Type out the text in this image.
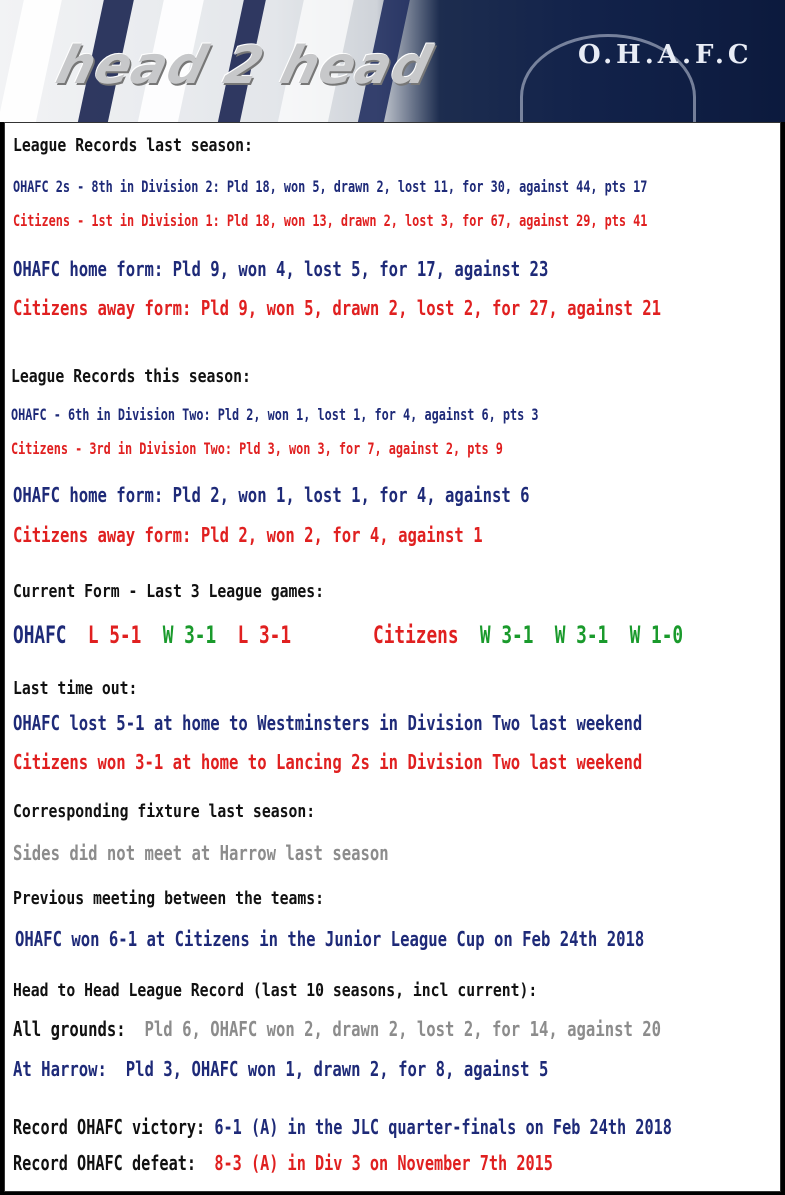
head 2 head	O.H.A.F.C
League Records last season:
OHAFC 2s - 8th in Division 2: Pld 18, won 5, drawn 2, lost 11, for 30, against 44, pts 17
Citizens - 1st in Division 1: Pld 18, won 13, drawn 2, lost 3, for 67, against 29, pts 41
OHAFC home form: Pld 9, won 4, lost 5, for 17, against 23
Citizens away form: Pld 9, won 5, drawn 2, lost 2, for 27, against 21
League Records this season:
OHAFC - 6th in Division Two: Pld 2, won 1, lost 1, for 4, against 6, pts 3
Citizens - 3rd in Division Two: Pld 3, won 3, for 7, against 2, pts 9
OHAFC home form: Pld 2, won 1, lost 1, for 4, against 6
Citizens away form: Pld 2, won 2, for 4, against 1
Current Form - Last 3 League games:
OHAFC L 5-1 W 3-1 L 3-1	Citizens W 3-1 W 3-1 W 1-0
Last time out:
OHAFC lost 5-1 at home to Westminsters in Division Two last weekend
Citizens won 3-1 at home to Lancing 2s in Division Two last weekend
Corresponding fixture last season:
Sides did not meet at Harrow last season
Previous meeting between the teams:
OHAFC won 6-1 at Citizens in the Junior League Cup on Feb 24th 2018
Head to Head League Record (last 10 seasons, incl current):
All grounds: Pld 6, OHAFC won 2, drawn 2, lost 2, for 14, against 20
At Harrow: Pld 3, OHAFC won 1, drawn 2, for 8, against 5
Record OHAFC victory: 6-1 (A) in the JLC quarter-finals on Feb 24th 2018
Record OHAFC defeat: 8-3 (A) in Div 3 on November 7th 2015
